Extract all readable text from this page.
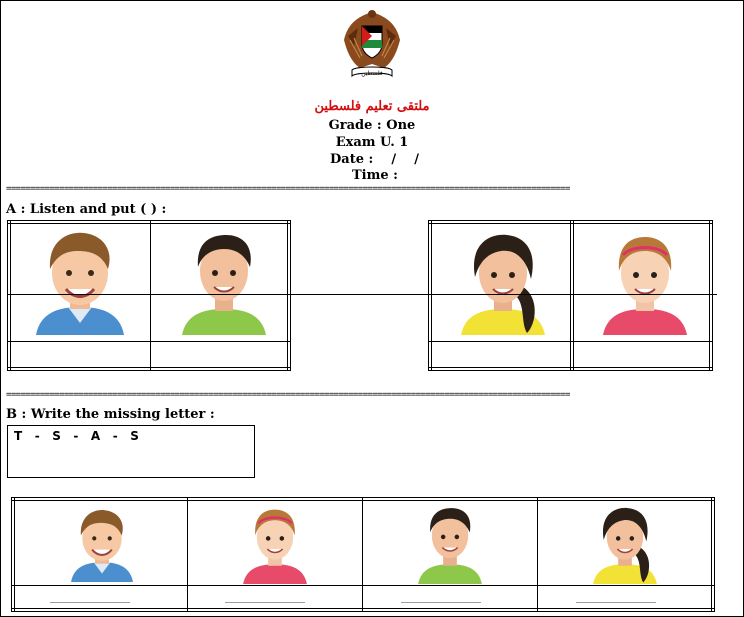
فلسطين
ملتقى تعليم فلسطين
Grade : One
Exam U. 1
Date :    /    /
Time :
=====================================================================================================================
A : Listen and put ( ) :
=====================================================================================================================
B : Write the missing letter :
T   -   S   -   A   -   S
________________	________________	________________	________________
